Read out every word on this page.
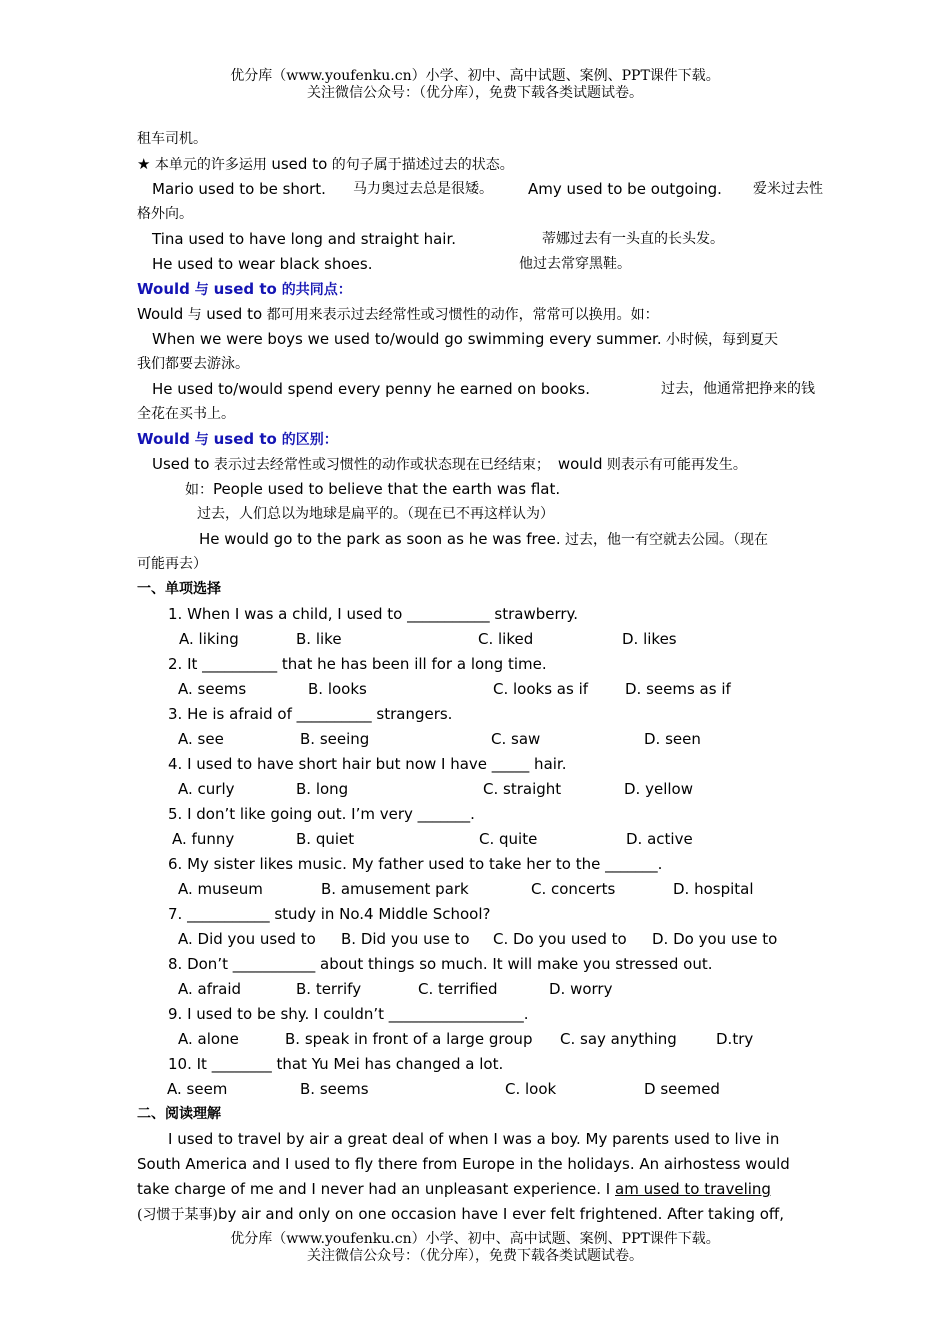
优分库（www.youfenku.cn）小学、初中、高中试题、案例、PPT课件下载。
关注微信公众号：（优分库），免费下载各类试题试卷。
租车司机。
★ 本单元的许多运用 used to 的句子属于描述过去的状态。
Mario used to be short. 马力奥过去总是很矮。 Amy used to be outgoing. 爱米过去性
格外向。
Tina used to have long and straight hair.	蒂娜过去有一头直的长头发。
He used to wear black shoes.	他过去常穿黑鞋。
Would 与 used to 的共同点：
Would 与 used to 都可用来表示过去经常性或习惯性的动作，常常可以换用。如：
When we were boys we used to/would go swimming every summer. 小时候，每到夏天
我们都要去游泳。
He used to/would spend every penny he earned on books.	过去，他通常把挣来的钱
全花在买书上。
Would 与 used to 的区别：
Used to 表示过去经常性或习惯性的动作或状态现在已经结束； would 则表示有可能再发生。
如：People used to believe that the earth was flat.
过去，人们总以为地球是扁平的。（现在已不再这样认为）
He would go to the park as soon as he was free. 过去，他一有空就去公园。（现在
可能再去）
一、单项选择
1. When I was a child, I used to ___________ strawberry.
A. liking	B. like	C. liked	D. likes
2. It __________ that he has been ill for a long time.
A. seems	B. looks	C. looks as if D. seems as if
3. He is afraid of __________ strangers.
A. see	B. seeing	C. saw	D. seen
4. I used to have short hair but now I have _____ hair.
A. curly	B. long	C. straight	D. yellow
5. I don’t like going out. I’m very _______.
A. funny	B. quiet	C. quite	D. active
6. My sister likes music. My father used to take her to the _______.
A. museum	B. amusement park	C. concerts	D. hospital
7. ___________ study in No.4 Middle School?
A. Did you used to B. Did you use to C. Do you used to D. Do you use to
8. Don’t ___________ about things so much. It will make you stressed out.
A. afraid	B. terrify	C. terrified	D. worry
9. I used to be shy. I couldn’t __________________.
A. alone	B. speak in front of a large group C. say anything	D.try
10. It ________ that Yu Mei has changed a lot.
A. seem	B. seems	C. look	D seemed
二、阅读理解
I used to travel by air a great deal of when I was a boy. My parents used to live in
South America and I used to fly there from Europe in the holidays. An airhostess would
take charge of me and I never had an unpleasant experience. I am used to traveling
(习惯于某事)by air and only on one occasion have I ever felt frightened. After taking off,
优分库（www.youfenku.cn）小学、初中、高中试题、案例、PPT课件下载。
关注微信公众号：（优分库），免费下载各类试题试卷。
